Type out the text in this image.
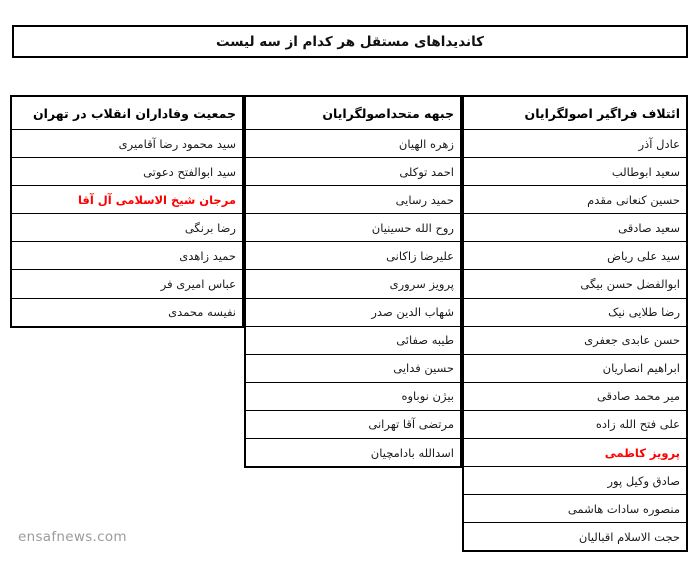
کاندیداهای مستقل هر کدام از سه لیست
ائتلاف فراگیر اصولگرایان
عادل آذر
سعید ابوطالب
حسین کنعانی مقدم
سعید صادقی
سید علی ریاض
ابوالفضل حسن بیگی
رضا طلایی نیک
حسن عابدی جعفری
ابراهیم انصاریان
میر محمد صادقی
علی فتح الله زاده
پرویز کاظمی
صادق وکیل پور
منصوره سادات هاشمی
حجت الاسلام اقبالیان
جبهه متحداصولگرایان
زهره الهیان
احمد توکلی
حمید رسایی
روح الله حسینیان
علیرضا زاکانی
پرویز سروری
شهاب الدین صدر
طیبه صفائی
حسین فدایی
بیژن نوباوه
مرتضی آقا تهرانی
اسدالله بادامچیان
جمعیت وفاداران انقلاب در تهران
سید محمود رضا آقامیری
سید ابوالفتح دعوتی
مرجان شیخ الاسلامی آل آقا
رضا برنگی
حمید زاهدی
عباس امیری فر
نفیسه محمدی
ensafnews.com
